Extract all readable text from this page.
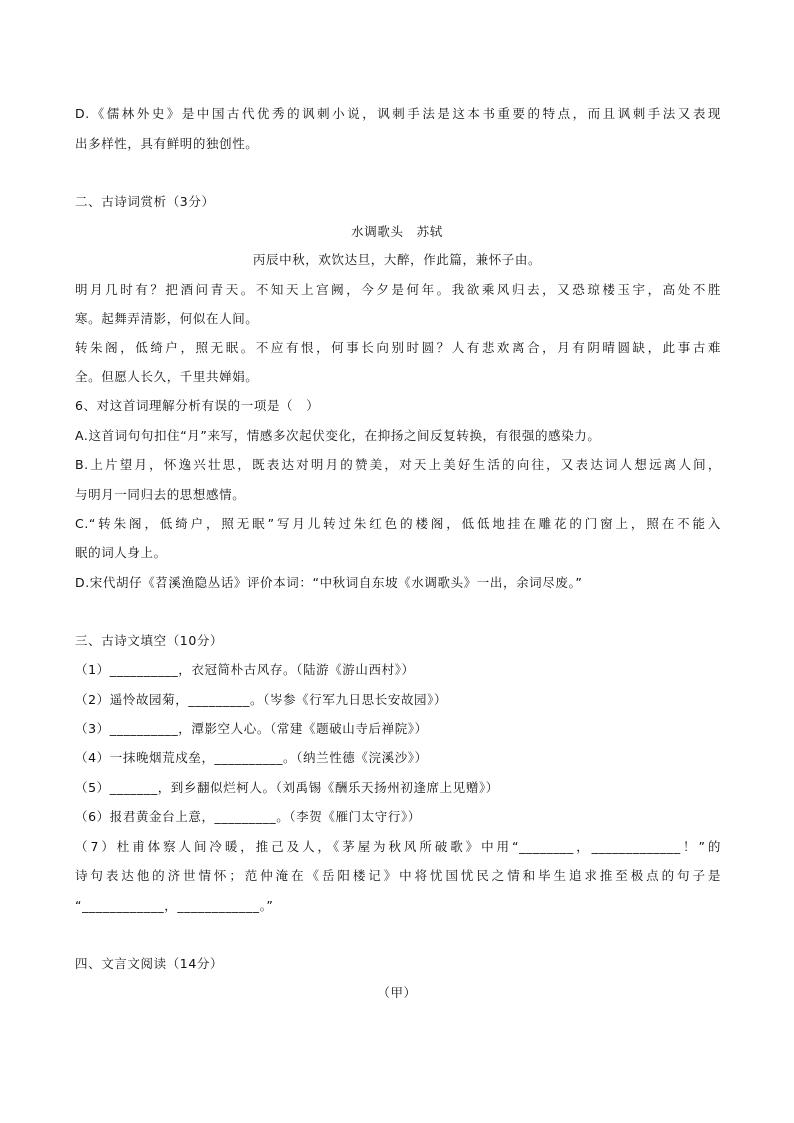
D.《儒林外史》是中国古代优秀的讽刺小说，讽刺手法是这本书重要的特点，而且讽刺手法又表现
出多样性，具有鲜明的独创性。
二、古诗词赏析（3分）
水调歌头　苏轼
丙辰中秋，欢饮达旦，大醉，作此篇，兼怀子由。
明月几时有？把酒问青天。不知天上宫阙，今夕是何年。我欲乘风归去，又恐琼楼玉宇，高处不胜
寒。起舞弄清影，何似在人间。
转朱阁，低绮户，照无眠。不应有恨，何事长向别时圆？人有悲欢离合，月有阴晴圆缺，此事古难
全。但愿人长久，千里共婵娟。
6、对这首词理解分析有误的一项是（　）
A.这首词句句扣住“月”来写，情感多次起伏变化，在抑扬之间反复转换，有很强的感染力。
B.上片望月，怀逸兴壮思，既表达对明月的赞美，对天上美好生活的向往，又表达词人想远离人间，
与明月一同归去的思想感情。
C.“转朱阁，低绮户，照无眠”写月儿转过朱红色的楼阁，低低地挂在雕花的门窗上，照在不能入
眠的词人身上。
D.宋代胡仔《苕溪渔隐丛话》评价本词：“中秋词自东坡《水调歌头》一出，余词尽废。”
三、古诗文填空（10分）
（1）__________，衣冠简朴古风存。（陆游《游山西村》）
（2）遥怜故园菊，_________。（岑参《行军九日思长安故园》）
（3）__________，潭影空人心。（常建《题破山寺后禅院》）
（4）一抹晚烟荒戍垒，__________。（纳兰性德《浣溪沙》）
（5）_______，到乡翻似烂柯人。（刘禹锡《酬乐天扬州初逢席上见赠》）
（6）报君黄金台上意，_________。（李贺《雁门太守行》）
（7）杜甫体察人间冷暖，推己及人，《茅屋为秋风所破歌》中用“________，_____________！”的
诗句表达他的济世情怀；范仲淹在《岳阳楼记》中将忧国忧民之情和毕生追求推至极点的句子是
“____________，____________。”
四、文言文阅读（14分）
（甲）
